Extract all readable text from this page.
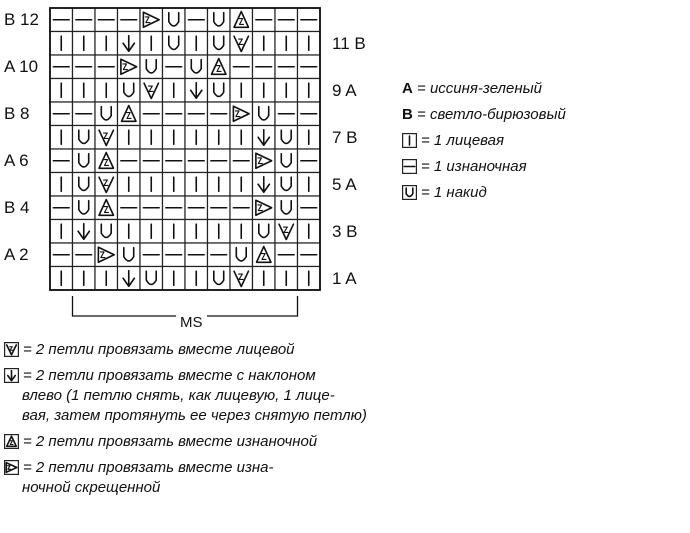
B 12
A 10
B 8
A 6
B 4
A 2
11 B
9 A
7 B
5 A
3 B
1 A
MS
A = иссиня-зеленый
B = светло-бирюзовый
= 1 лицевая
= 1 изнаночная
= 1 накид
= 2 петли провязать вместе лицевой
= 2 петли провязать вместе с наклоном
влево (1 петлю снять, как лицевую, 1 лице-
вая, затем протянуть ее через снятую петлю)
= 2 петли провязать вместе изнаночной
= 2 петли провязать вместе изна-
ночной скрещенной
